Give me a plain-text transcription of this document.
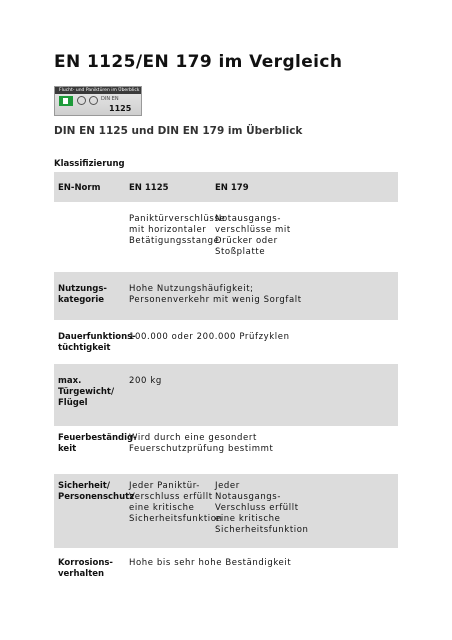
EN 1125/EN 179 im Vergleich
Flucht- und Paniktüren im Überblick
DIN EN
1125
DIN EN 1125 und DIN EN 179 im Überblick
Klassifizierung
EN-Norm	EN 1125	EN 179
Paniktürverschlüsse
mit horizontaler
Betätigungsstange
Notausgangs-
verschlüsse mit
Drücker oder
Stoßplatte
Nutzungs-
kategorie
Hohe Nutzungshäufigkeit;
Personenverkehr mit wenig Sorgfalt
Dauerfunktions-
tüchtigkeit
100.000 oder 200.000 Prüfzyklen
max.
Türgewicht/
Flügel
200 kg
Feuerbeständig-
keit
Wird durch eine gesondert
Feuerschutzprüfung bestimmt
Sicherheit/
Personenschutz
Jeder Paniktür-
Verschluss erfüllt
eine kritische
Sicherheitsfunktion
Jeder
Notausgangs-
Verschluss erfüllt
eine kritische
Sicherheitsfunktion
Korrosions-
verhalten
Hohe bis sehr hohe Beständigkeit
